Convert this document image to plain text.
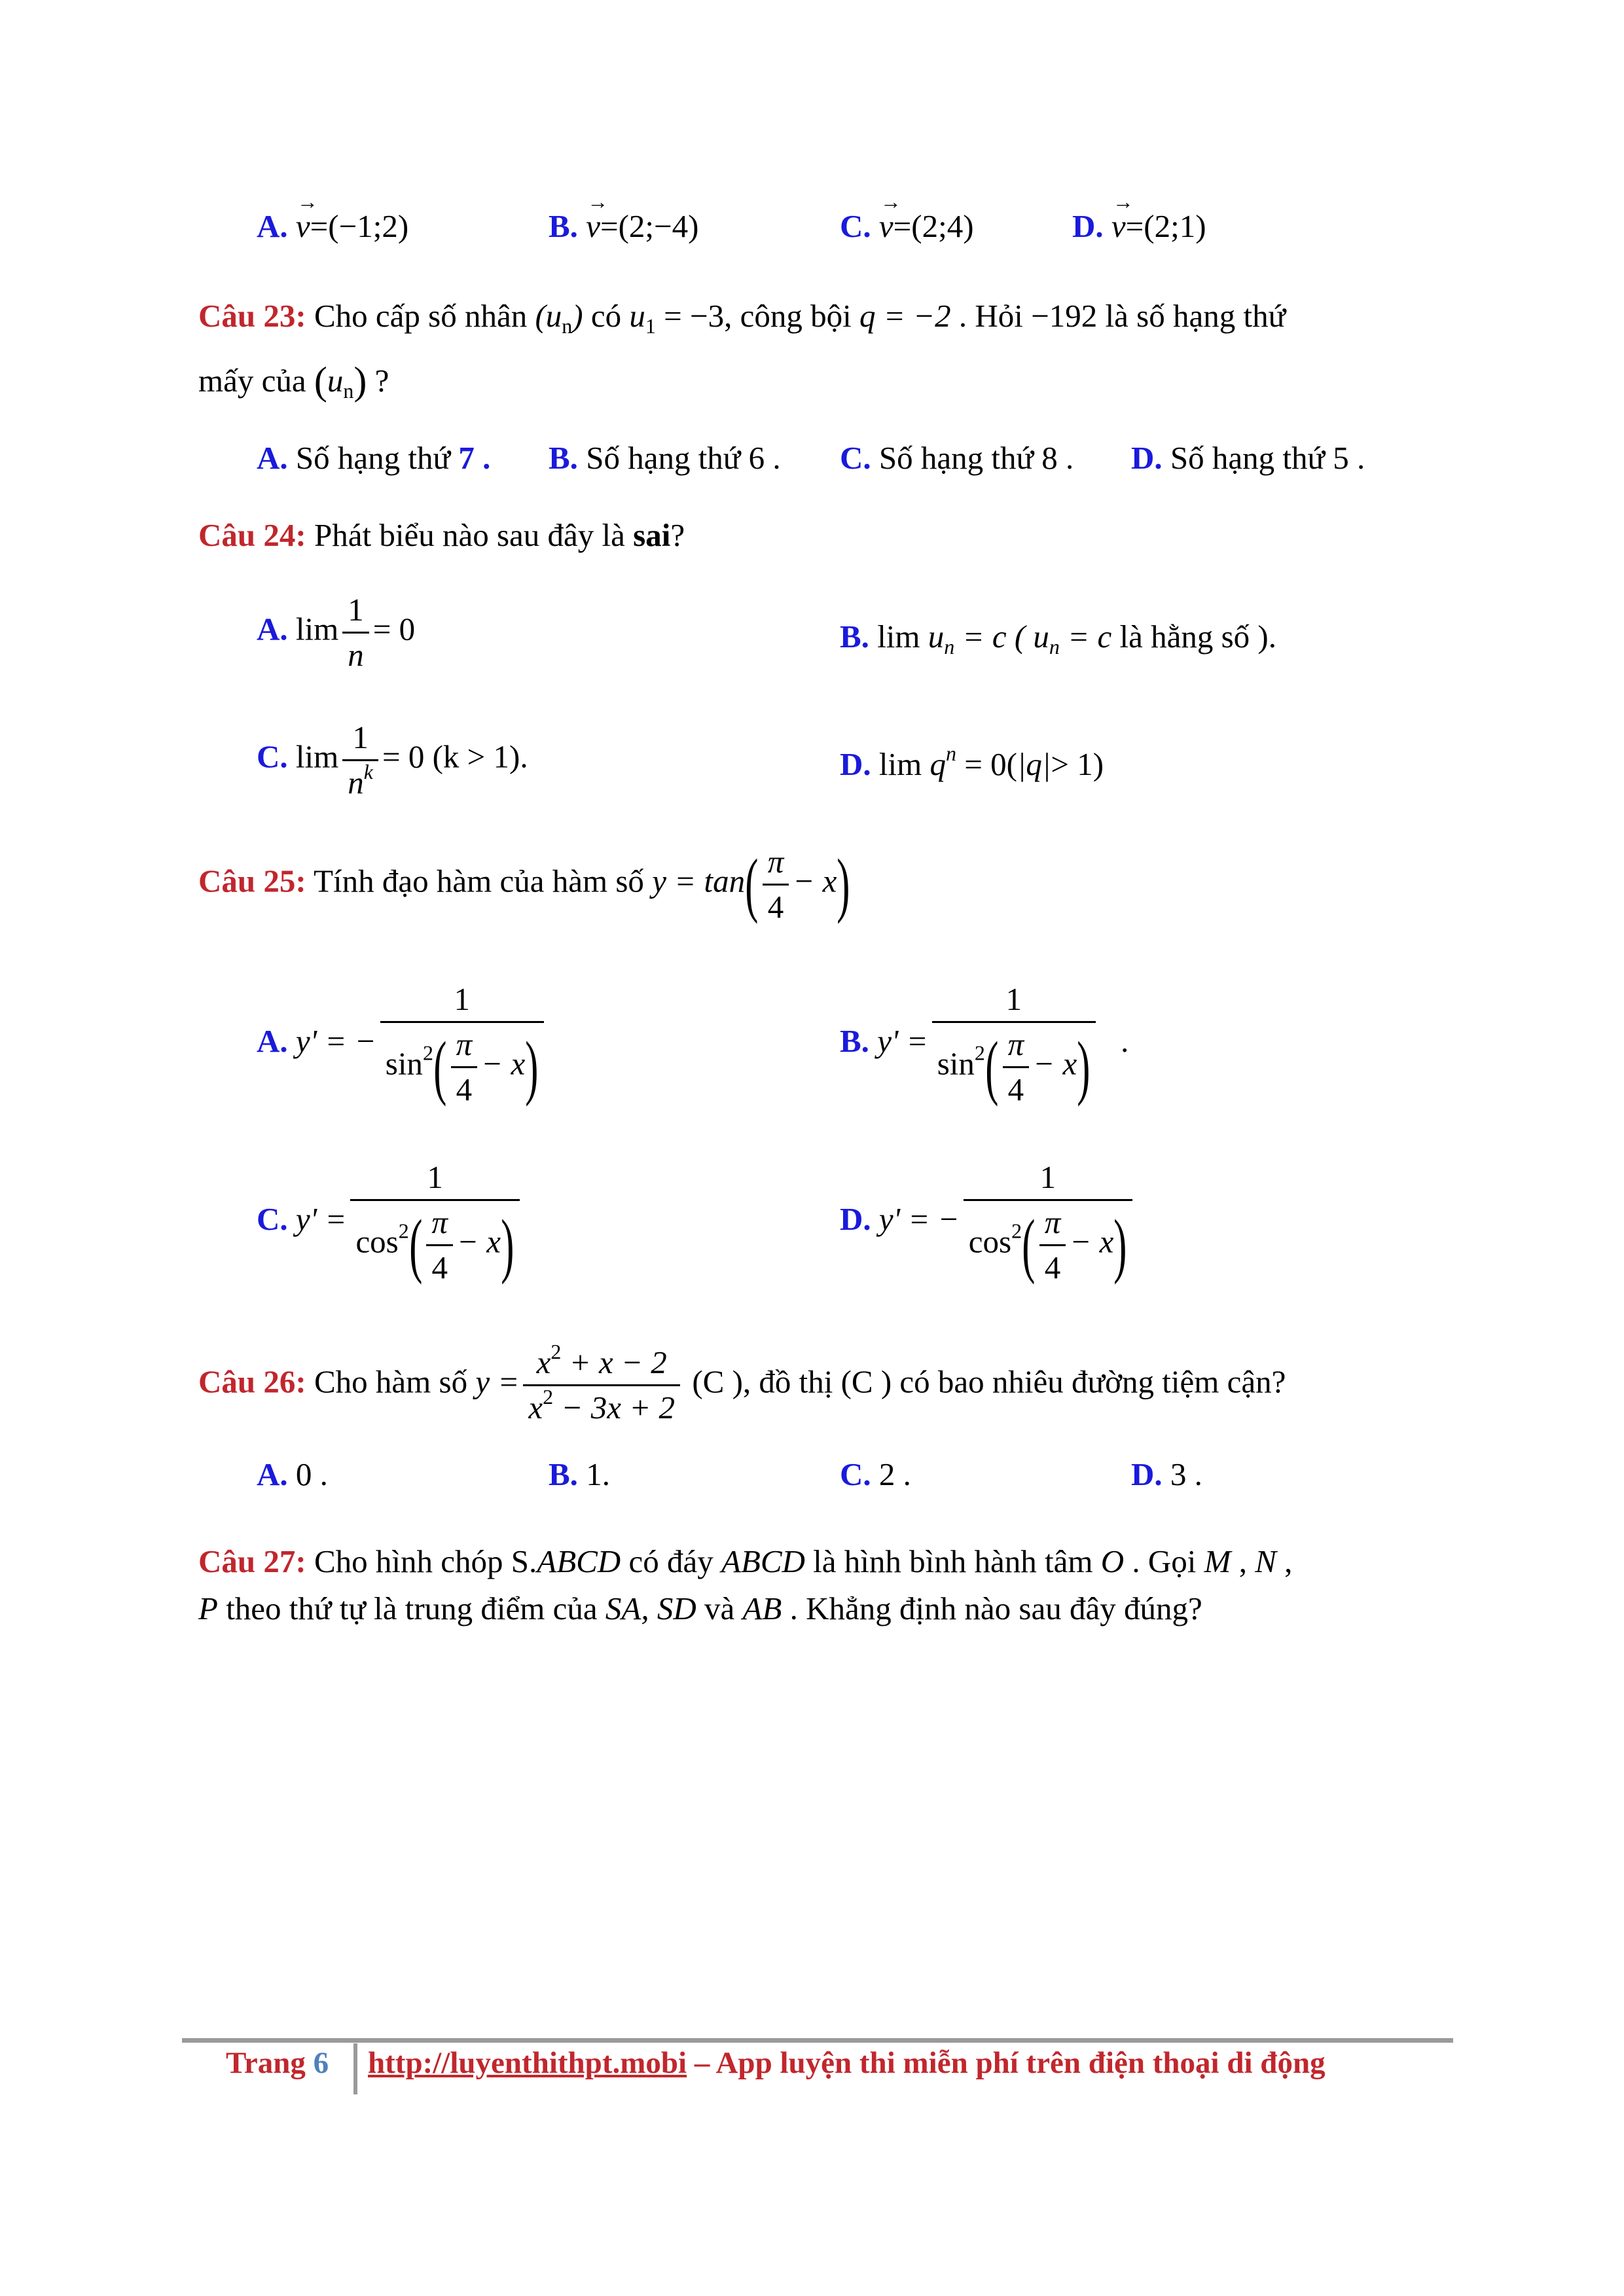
A. → v=(−1;2)	B. → v=(2;−4)	C. → v=(2;4)	D. → v=(2;1)
Câu 23: Cho cấp số nhân $(u_n)$ có $u_1 = -3$, công bội q = −2 . Hỏi −192 là số hạng thứ
mấy của $(u_n)$ ?
A. Số hạng thứ 7 . B. Số hạng thứ 6 . C. Số hạng thứ 8 . D. Số hạng thứ 5 .
Câu 24: Phát biểu nào sau đây là sai?
A. $\lim \frac{1}{n} = 0$	B. $\lim u_n = c$ ( $u_n = c$ là hằng số ).
C. $\lim \frac{1}{n^k} = 0$ (k > 1).	D. $\lim q^n = 0(|q|> 1)$
Câu 25: Tính đạo hàm của hàm số $y = \tan( \frac{\pi}{4} - x)$
A. y' = − $\frac{1}{\sin^2( \frac{\pi}{4} - x)}$	B. $y' = \frac{1}{\sin^2( \frac{\pi}{4} - x)}$ .
C. $y' = \frac{1}{\cos^2( \frac{\pi}{4} - x)}$	D. y' = − $\frac{1}{\cos^2( \frac{\pi}{4} - x)}$
Câu 26: Cho hàm số $y = \frac{x^2 + x - 2}{x^2 - 3x + 2} (C$ ), đồ thị (C ) có bao nhiêu đường tiệm cận?
A. 0 .	B. 1.	C. 2 .	D. 3 .
Câu 27: Cho hình chóp S.ABCD có đáy ABCD là hình bình hành tâm O . Gọi M , N ,
P theo thứ tự là trung điểm của SA, SD và AB . Khẳng định nào sau đây đúng?
Trang 6 http://luyenthithpt.mobi – App luyện thi miễn phí trên điện thoại di động
